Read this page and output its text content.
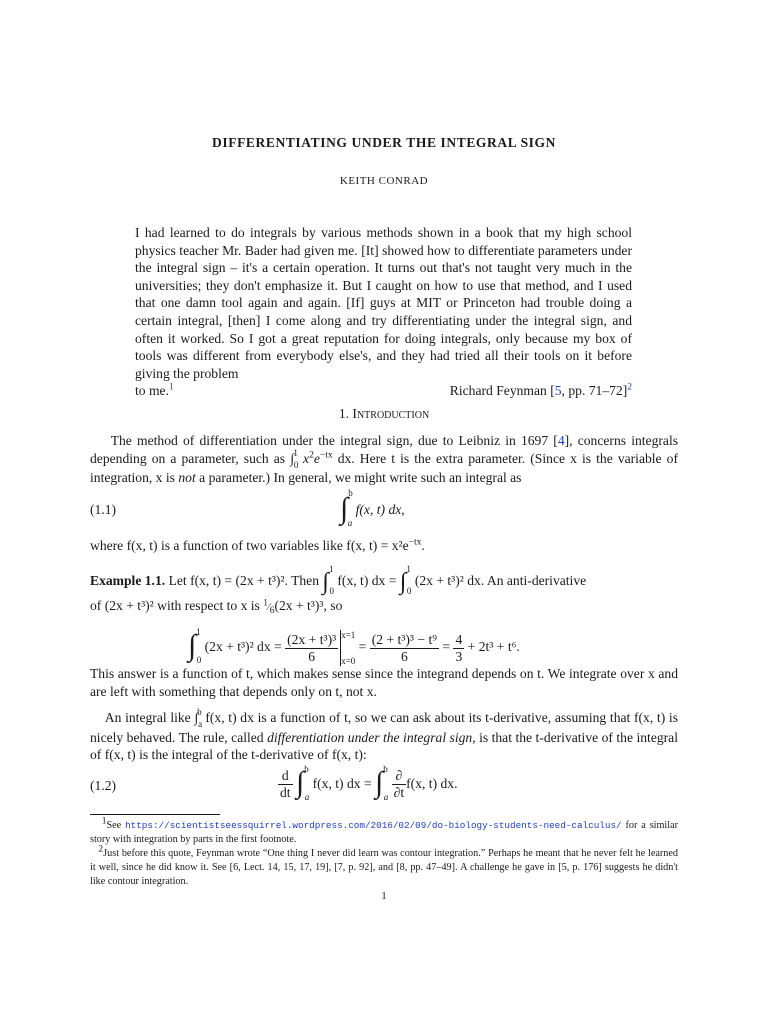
DIFFERENTIATING UNDER THE INTEGRAL SIGN
KEITH CONRAD
I had learned to do integrals by various methods shown in a book that my high school physics teacher Mr. Bader had given me. [It] showed how to differentiate parameters under the integral sign – it's a certain operation. It turns out that's not taught very much in the universities; they don't emphasize it. But I caught on how to use that method, and I used that one damn tool again and again. [If] guys at MIT or Princeton had trouble doing a certain integral, [then] I come along and try differentiating under the integral sign, and often it worked. So I got a great reputation for doing integrals, only because my box of tools was different from everybody else's, and they had tried all their tools on it before giving the problem
to me.$^1$	Richard Feynman [5, pp. 71–72]$^2$
1. Introduction
The method of differentiation under the integral sign, due to Leibniz in 1697 [4], concerns integrals depending on a parameter, such as $\int_0^1$ $x^2e^{-tx}$ dx. Here t is the extra parameter. (Since x is the variable of integration, x is not a parameter.) In general, we might write such an integral as
(1.1)	∫$^b_a$ f(x, t) dx,
where f(x, t) is a function of two variables like f(x, $t) = x^2e^{-tx}$.
Example 1.1. Let f(x, t) = (2x + t³)². Then ∫$^1_0$ f(x, t) dx = ∫$^1_0$ (2x + t³)² dx. An anti-derivative
of (2x + t³)² with respect to x is $^1⁄_6(2x + t^3)^3$, so
∫$^1_0$ (2x + t³)² dx = $\frac{\text{(2x + t³)³}}{6} x=1$
x=0
= $\frac{\text{(2 + t³)³ − t⁹}}{6} = \frac{4}{3} + 2t^3 + t^6$.
This answer is a function of t, which makes sense since the integrand depends on t. We integrate over x and are left with something that depends only on t, not x.
An integral like $\int_a^b$ f(x, t) dx is a function of t, so we can ask about its t-derivative, assuming that f(x, t) is nicely behaved. The rule, called differentiation under the integral sign, is that the t-derivative of the integral of f(x, t) is the integral of the t-derivative of f(x, t):
(1.2)	$\frac{d}{dt} \int^b_a$ f(x, t) dx = $\int^b_a \frac{\partial}{\partial t} f(x$, t) dx.
$^1$See https://scientistseessquirrel.wordpress.com/2016/02/09/do-biology-students-need-calculus/ for a similar story with integration by parts in the first footnote.
$^2$Just before this quote, Feynman wrote “One thing I never did learn was contour integration.” Perhaps he meant that he never felt he learned it well, since he did know it. See [6, Lect. 14, 15, 17, 19], [7, p. 92], and [8, pp. 47–49]. A challenge he gave in [5, p. 176] suggests he didn't like contour integration.
1
